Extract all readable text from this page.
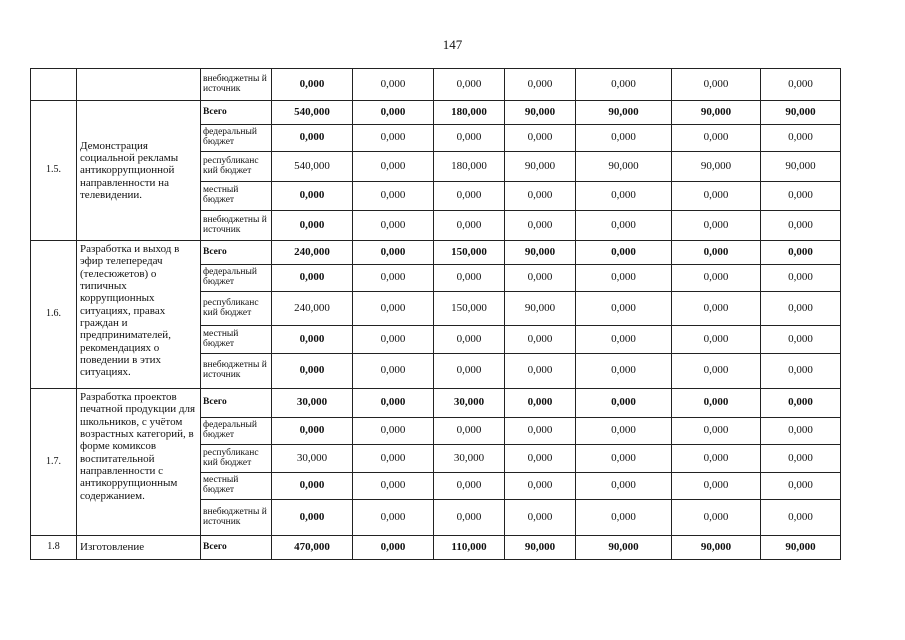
147
		внебюджетны й источник	0,000	0,000	0,000	0,000	0,000	0,000	0,000
1.5.	Демонстрация социальной рекламы антикоррупционной направленности на телевидении.	Всего	540,000	0,000	180,000	90,000	90,000	90,000	90,000
		федеральный бюджет	0,000	0,000	0,000	0,000	0,000	0,000	0,000
		республиканс кий бюджет	540,000	0,000	180,000	90,000	90,000	90,000	90,000
		местный бюджет	0,000	0,000	0,000	0,000	0,000	0,000	0,000
		внебюджетны й источник	0,000	0,000	0,000	0,000	0,000	0,000	0,000
1.6.	Разработка и выход в эфир телепередач (телесюжетов) о типичных коррупционных ситуациях, правах граждан и предпринимателей, рекомендациях о поведении в этих ситуациях.	Всего	240,000	0,000	150,000	90,000	0,000	0,000	0,000
		федеральный бюджет	0,000	0,000	0,000	0,000	0,000	0,000	0,000
		республиканс кий бюджет	240,000	0,000	150,000	90,000	0,000	0,000	0,000
		местный бюджет	0,000	0,000	0,000	0,000	0,000	0,000	0,000
		внебюджетны й источник	0,000	0,000	0,000	0,000	0,000	0,000	0,000
1.7.	Разработка проектов печатной продукции для школьников, с учётом возрастных категорий, в форме комиксов воспитательной направленности с антикоррупционным содержанием.	Всего	30,000	0,000	30,000	0,000	0,000	0,000	0,000
		федеральный бюджет	0,000	0,000	0,000	0,000	0,000	0,000	0,000
		республиканс кий бюджет	30,000	0,000	30,000	0,000	0,000	0,000	0,000
		местный бюджет	0,000	0,000	0,000	0,000	0,000	0,000	0,000
		внебюджетны й источник	0,000	0,000	0,000	0,000	0,000	0,000	0,000
1.8	Изготовление	Всего	470,000	0,000	110,000	90,000	90,000	90,000	90,000
